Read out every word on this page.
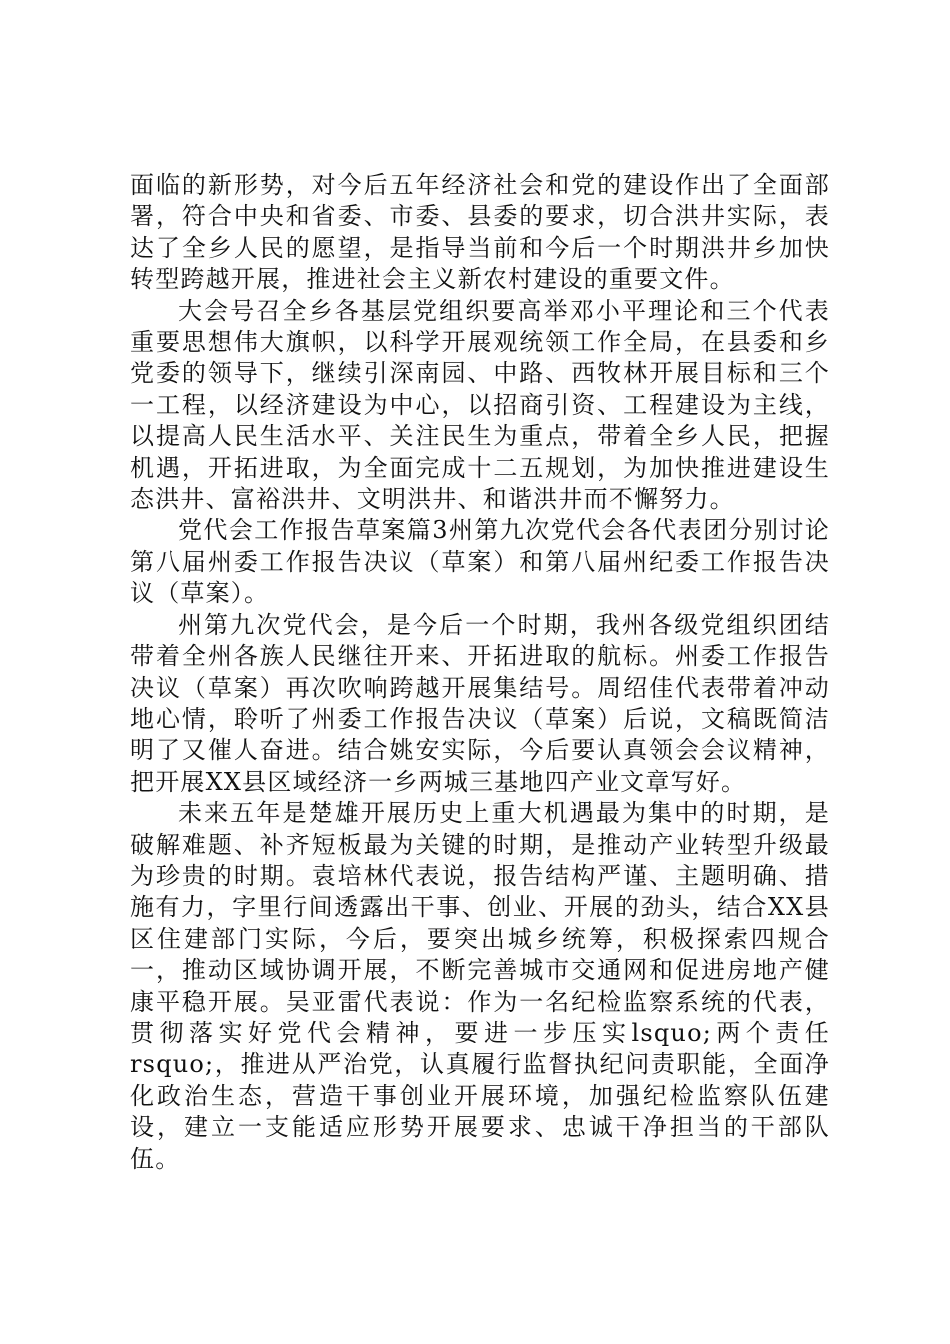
面临的新形势，对今后五年经济社会和党的建设作出了全面部署，符合中央和省委、市委、县委的要求，切合洪井实际，表达了全乡人民的愿望，是指导当前和今后一个时期洪井乡加快转型跨越开展，推进社会主义新农村建设的重要文件。

大会号召全乡各基层党组织要高举邓小平理论和三个代表重要思想伟大旗帜，以科学开展观统领工作全局，在县委和乡党委的领导下，继续引深南园、中路、西牧林开展目标和三个一工程，以经济建设为中心，以招商引资、工程建设为主线，以提高人民生活水平、关注民生为重点，带着全乡人民，把握机遇，开拓进取，为全面完成十二五规划，为加快推进建设生态洪井、富裕洪井、文明洪井、和谐洪井而不懈努力。

党代会工作报告草案篇3州第九次党代会各代表团分别讨论第八届州委工作报告决议（草案）和第八届州纪委工作报告决议（草案）。

州第九次党代会，是今后一个时期，我州各级党组织团结带着全州各族人民继往开来、开拓进取的航标。州委工作报告决议（草案）再次吹响跨越开展集结号。周绍佳代表带着冲动地心情，聆听了州委工作报告决议（草案）后说，文稿既简洁明了又催人奋进。结合姚安实际，今后要认真领会会议精神，把开展XX县区域经济一乡两城三基地四产业文章写好。

未来五年是楚雄开展历史上重大机遇最为集中的时期，是破解难题、补齐短板最为关键的时期，是推动产业转型升级最为珍贵的时期。袁培林代表说，报告结构严谨、主题明确、措施有力，字里行间透露出干事、创业、开展的劲头，结合XX县区住建部门实际，今后，要突出城乡统筹，积极探索四规合一，推动区域协调开展，不断完善城市交通网和促进房地产健康平稳开展。吴亚雷代表说：作为一名纪检监察系统的代表，贯彻落实好党代会精神，要进一步压实lsquo;两个责任rsquo;，推进从严治党，认真履行监督执纪问责职能，全面净化政治生态，营造干事创业开展环境，加强纪检监察队伍建设，建立一支能适应形势开展要求、忠诚干净担当的干部队伍。
